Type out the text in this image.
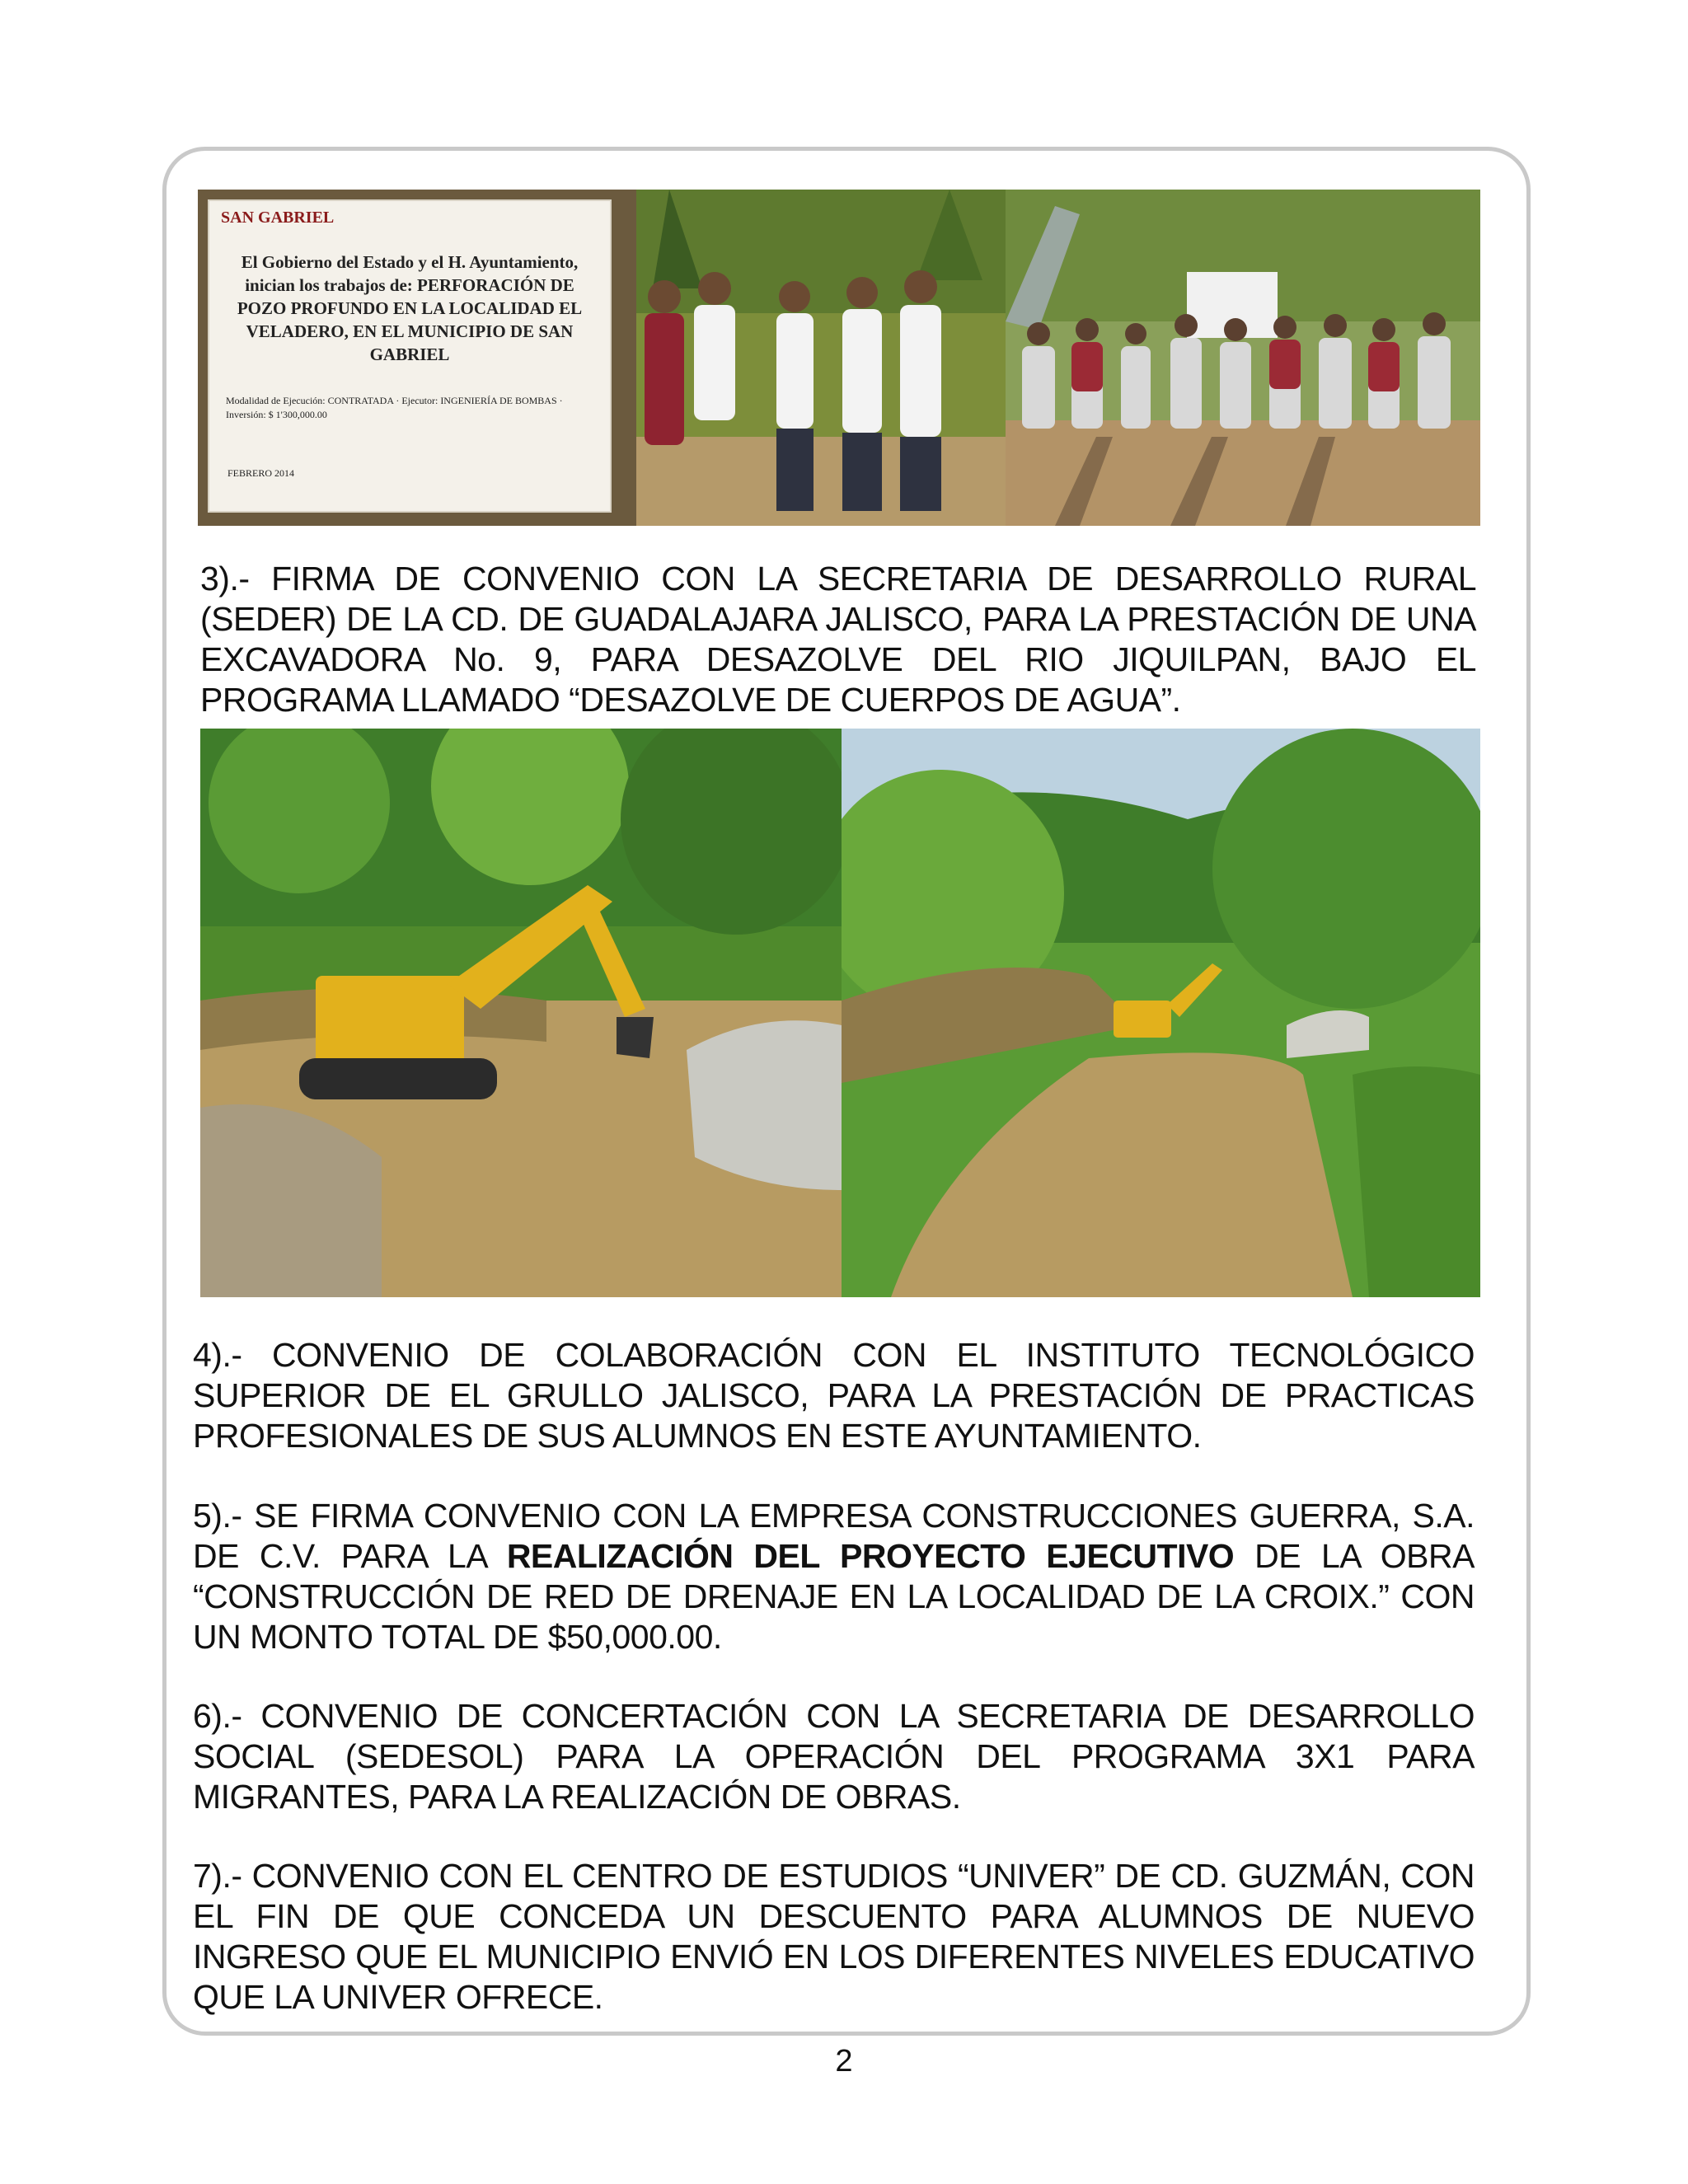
SAN GABRIEL
El Gobierno del Estado y el H. Ayuntamiento, inician los trabajos de: PERFORACIÓN DE POZO PROFUNDO EN LA LOCALIDAD EL VELADERO, EN EL MUNICIPIO DE SAN GABRIEL
Modalidad de Ejecución: CONTRATADA · Ejecutor: INGENIERÍA DE BOMBAS · Inversión: $ 1'300,000.00
FEBRERO 2014

3).- FIRMA DE CONVENIO CON LA SECRETARIA DE DESARROLLO RURAL (SEDER) DE LA CD. DE GUADALAJARA JALISCO, PARA LA PRESTACIÓN DE UNA EXCAVADORA No. 9, PARA DESAZOLVE DEL RIO JIQUILPAN, BAJO EL PROGRAMA LLAMADO “DESAZOLVE DE CUERPOS DE AGUA”.

4).- CONVENIO DE COLABORACIÓN CON EL INSTITUTO TECNOLÓGICO SUPERIOR DE EL GRULLO JALISCO, PARA LA PRESTACIÓN DE PRACTICAS PROFESIONALES DE SUS ALUMNOS EN ESTE AYUNTAMIENTO.

5).- SE FIRMA CONVENIO CON LA EMPRESA CONSTRUCCIONES GUERRA, S.A. DE C.V. PARA LA REALIZACIÓN DEL PROYECTO EJECUTIVO DE LA OBRA “CONSTRUCCIÓN DE RED DE DRENAJE EN LA LOCALIDAD DE LA CROIX.” CON UN MONTO TOTAL DE $50,000.00.

6).- CONVENIO DE CONCERTACIÓN CON LA SECRETARIA DE DESARROLLO SOCIAL (SEDESOL) PARA LA OPERACIÓN DEL PROGRAMA 3X1 PARA MIGRANTES, PARA LA REALIZACIÓN DE OBRAS.

7).- CONVENIO CON EL CENTRO DE ESTUDIOS “UNIVER” DE CD. GUZMÁN, CON EL FIN DE QUE CONCEDA UN DESCUENTO PARA ALUMNOS DE NUEVO INGRESO QUE EL MUNICIPIO ENVIÓ EN LOS DIFERENTES NIVELES EDUCATIVO QUE LA UNIVER OFRECE.

2
